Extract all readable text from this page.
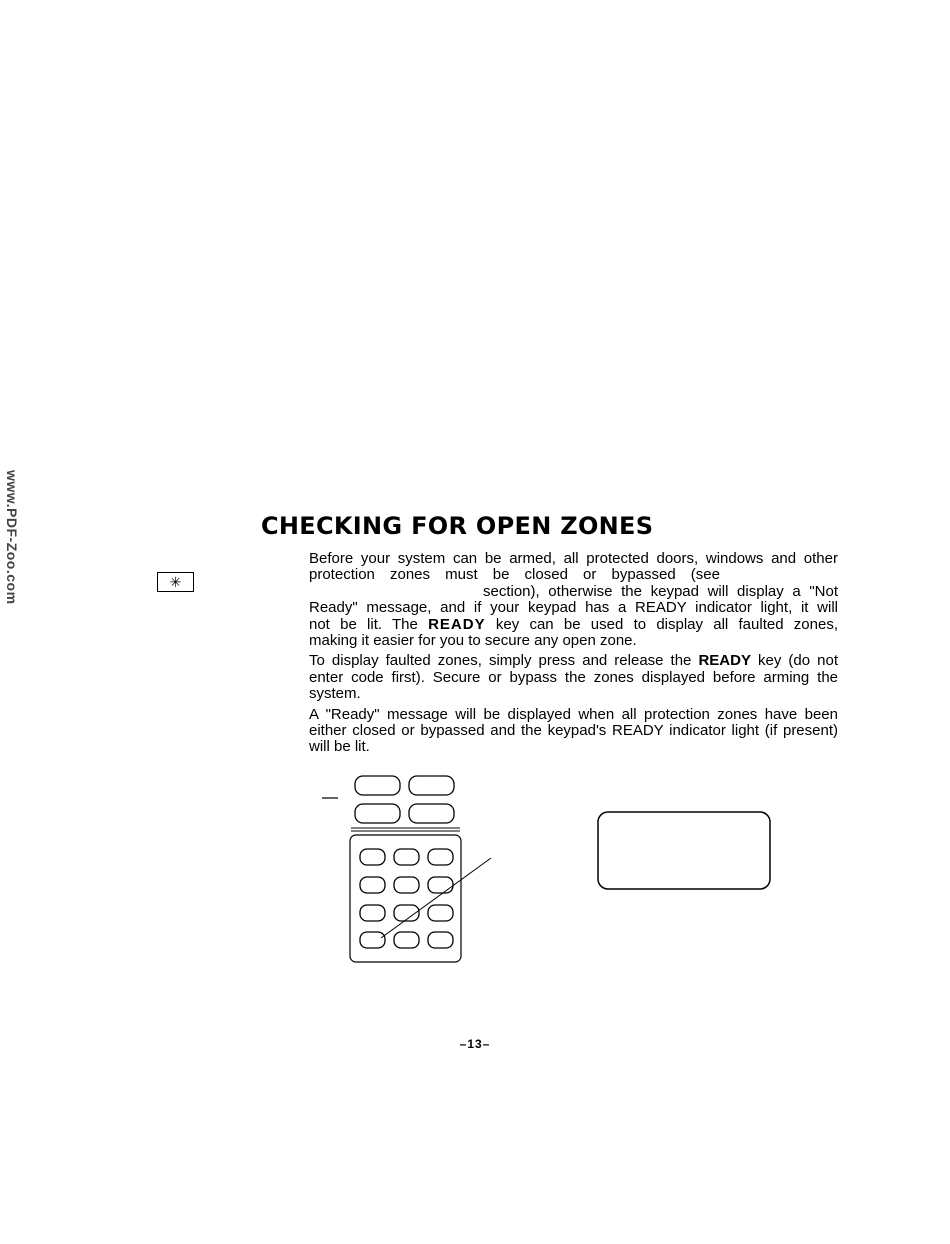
www.PDF-Zoo.com	CHECKING FOR OPEN ZONES
✳

Before your system can be armed, all protected doors, windows and other
protection zones must be closed or bypassed (see
section), otherwise the keypad will display a "Not
Ready" message, and if your keypad has a READY indicator light, it will
not be lit. The READY key can be used to display all faulted zones,
making it easier for you to secure any open zone.

To display faulted zones, simply press and release the READY key (do not enter code first). Secure or bypass the zones displayed before arming the system.

A "Ready" message will be displayed when all protection zones have been either closed or bypassed and the keypad's READY indicator light (if present) will be lit.

–13–
